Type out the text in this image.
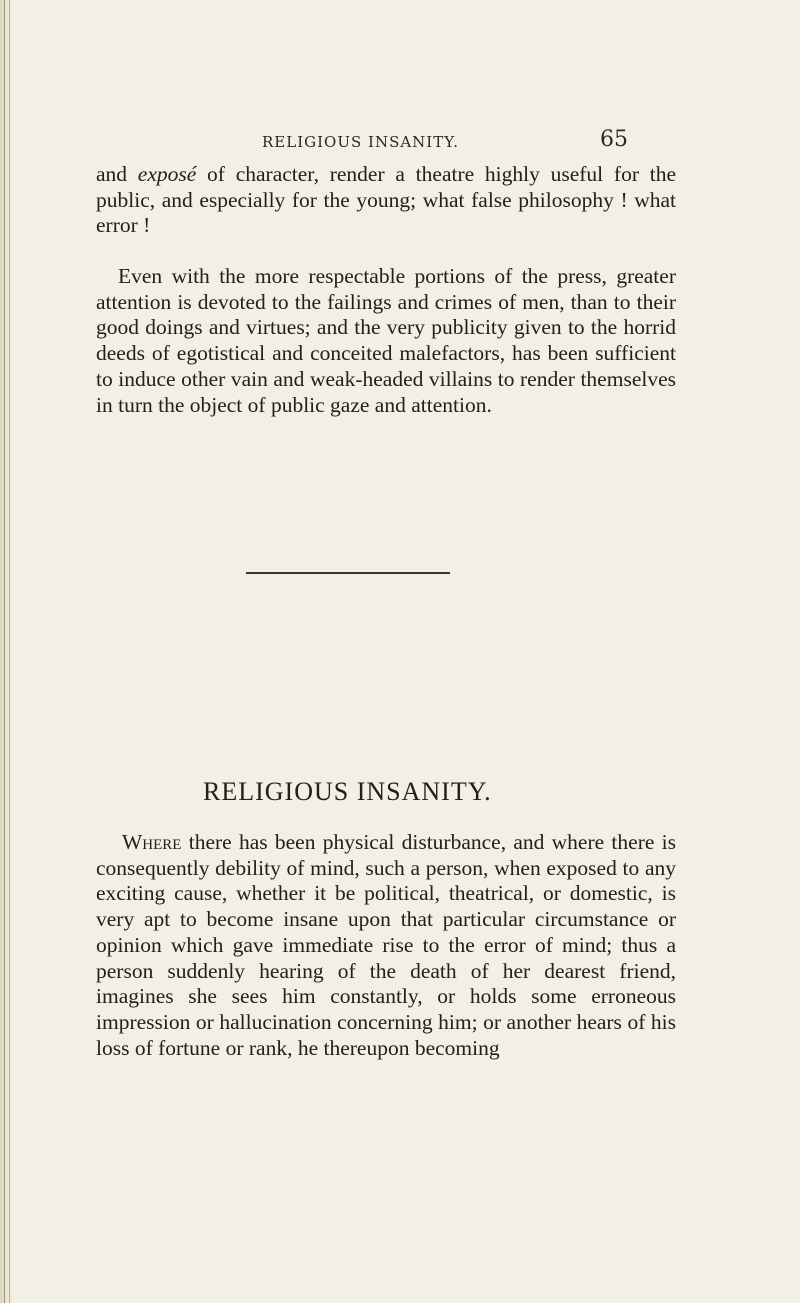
RELIGIOUS INSANITY.	65

and exposé of character, render a theatre highly useful for the public, and especially for the young; what false philosophy ! what error !

Even with the more respectable portions of the press, greater attention is devoted to the failings and crimes of men, than to their good doings and virtues; and the very publicity given to the horrid deeds of egotistical and conceited malefactors, has been sufficient to induce other vain and weak-headed villains to render themselves in turn the object of public gaze and attention.

RELIGIOUS INSANITY.

Where there has been physical disturbance, and where there is consequently debility of mind, such a person, when exposed to any exciting cause, whether it be political, theatrical, or domestic, is very apt to become insane upon that particular circumstance or opinion which gave immediate rise to the error of mind; thus a person suddenly hearing of the death of her dearest friend, imagines she sees him constantly, or holds some erroneous impression or hallucination concerning him; or another hears of his loss of fortune or rank, he thereupon becoming
